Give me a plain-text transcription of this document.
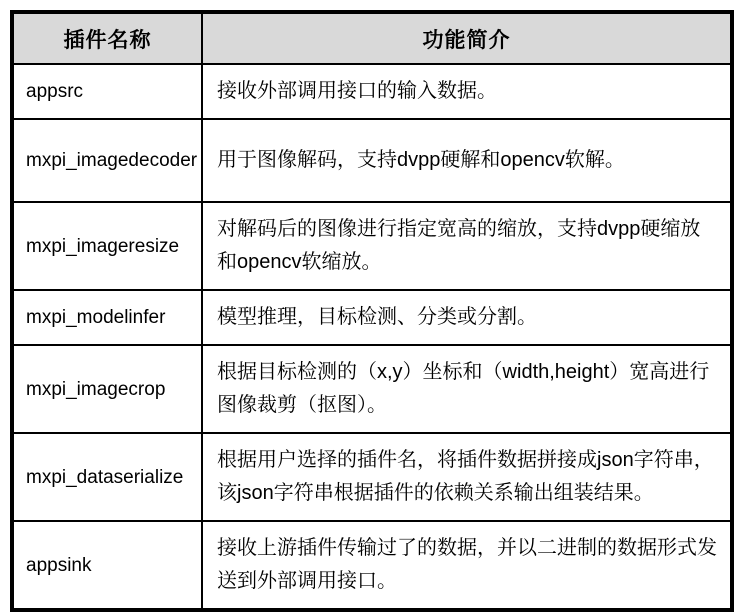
插件名称	功能简介
appsrc	接收外部调用接口的输入数据。
mxpi_imagedecoder	用于图像解码，支持dvpp硬解和opencv软解。
mxpi_imageresize	对解码后的图像进行指定宽高的缩放，支持dvpp硬缩放和opencv软缩放。
mxpi_modelinfer	模型推理，目标检测、分类或分割。
mxpi_imagecrop	根据目标检测的（x,y）坐标和（width,height）宽高进行图像裁剪（抠图）。
mxpi_dataserialize	根据用户选择的插件名，将插件数据拼接成json字符串，该json字符串根据插件的依赖关系输出组装结果。
appsink	接收上游插件传输过了的数据，并以二进制的数据形式发送到外部调用接口。
